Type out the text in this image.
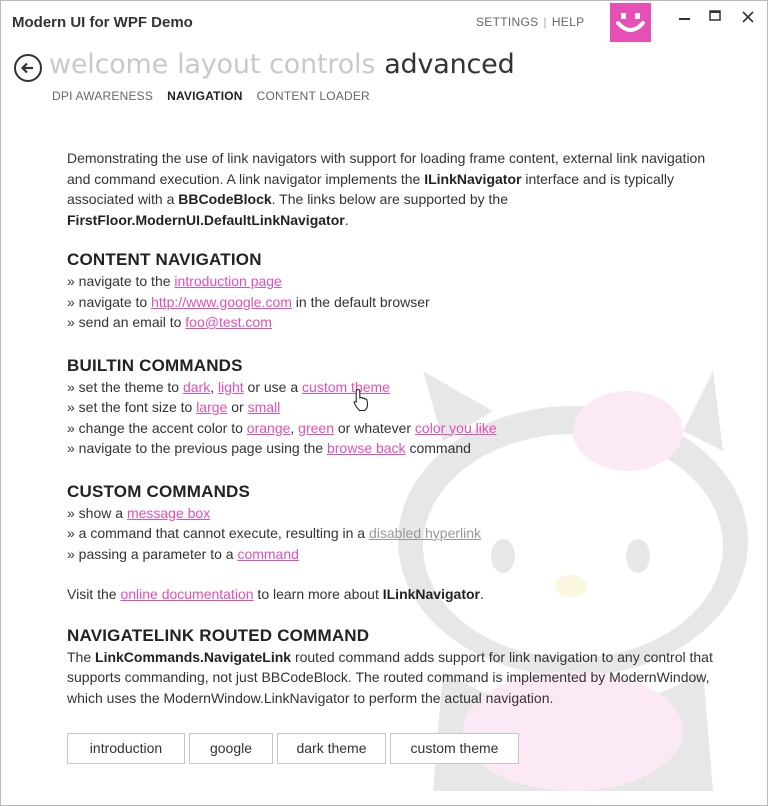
Modern UI for WPF Demo	SETTINGS | HELP
welcome layout controls advanced
DPI AWARENESS NAVIGATION CONTENT LOADER

Demonstrating the use of link navigators with support for loading frame content, external link navigation and command execution. A link navigator implements the ILinkNavigator interface and is typically associated with a BBCodeBlock. The links below are supported by the FirstFloor.ModernUI.DefaultLinkNavigator.

CONTENT NAVIGATION

» navigate to the introduction page

» navigate to http://www.google.com in the default browser

» send an email to foo@test.com

BUILTIN COMMANDS

» set the theme to dark, light or use a custom theme

» set the font size to large or small

» change the accent color to orange, green or whatever color you like

» navigate to the previous page using the browse back command

CUSTOM COMMANDS

» show a message box

» a command that cannot execute, resulting in a disabled hyperlink

» passing a parameter to a command

Visit the online documentation to learn more about ILinkNavigator.

NAVIGATELINK ROUTED COMMAND

The LinkCommands.NavigateLink routed command adds support for link navigation to any control that supports commanding, not just BBCodeBlock. The routed command is implemented by ModernWindow, which uses the ModernWindow.LinkNavigator to perform the actual navigation.

introduction	google	dark theme	custom theme
